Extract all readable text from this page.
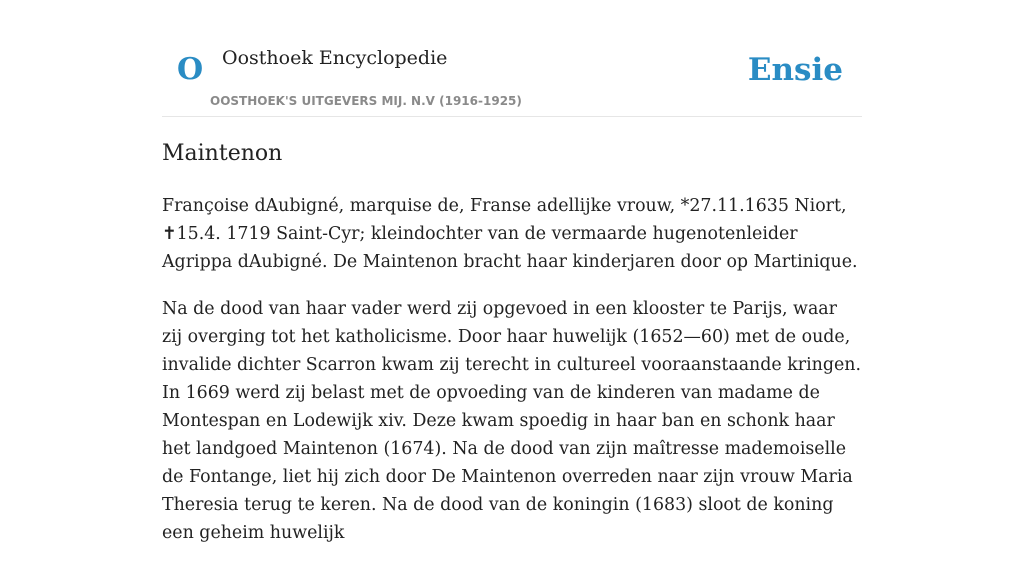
O Oosthoek Encyclopedie
OOSTHOEK'S UITGEVERS MIJ. N.V (1916-1925)
Ensie
Maintenon

Françoise dAubigné, marquise de, Franse adellijke vrouw, *27.11.1635 Niort, ✝15.4. 1719 Saint-Cyr; kleindochter van de vermaarde hugenotenleider Agrippa dAubigné. De Maintenon bracht haar kinderjaren door op Martinique.

Na de dood van haar vader werd zij opgevoed in een klooster te Parijs, waar zij overging tot het katholicisme. Door haar huwelijk (1652—60) met de oude, invalide dichter Scarron kwam zij terecht in cultureel vooraanstaande kringen. In 1669 werd zij belast met de opvoeding van de kinderen van madame de Montespan en Lodewijk xiv. Deze kwam spoedig in haar ban en schonk haar het landgoed Maintenon (1674). Na de dood van zijn maîtresse mademoiselle de Fontange, liet hij zich door De Maintenon overreden naar zijn vrouw Maria Theresia terug te keren. Na de dood van de koningin (1683) sloot de koning een geheim huwelijk
